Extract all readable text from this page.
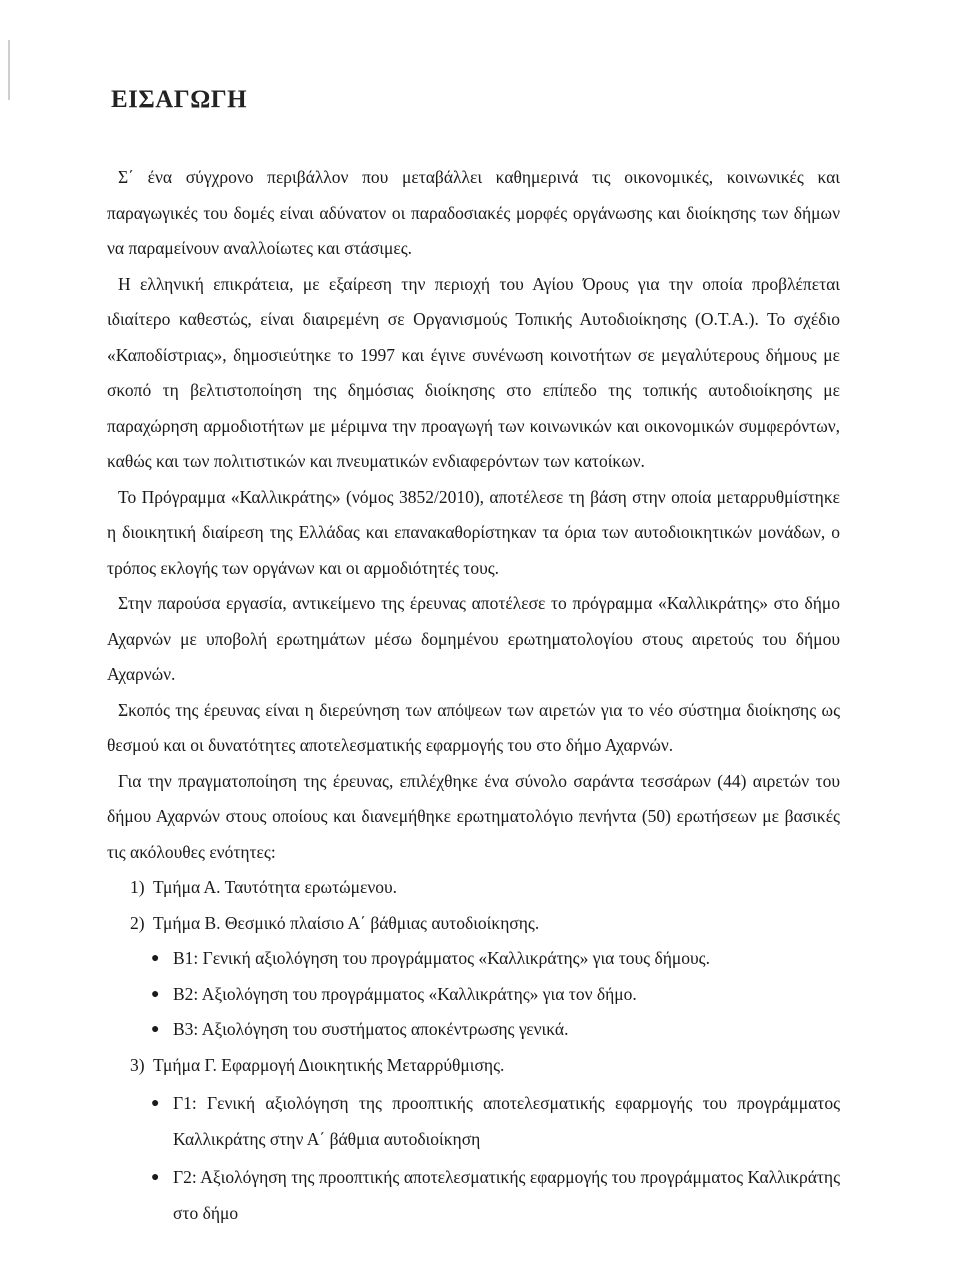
ΕΙΣΑΓΩΓΗ

Σ΄ ένα σύγχρονο περιβάλλον που μεταβάλλει καθημερινά τις οικονομικές, κοινωνικές και παραγωγικές του δομές είναι αδύνατον οι παραδοσιακές μορφές οργάνωσης και διοίκησης των δήμων να παραμείνουν αναλλοίωτες και στάσιμες.

Η ελληνική επικράτεια, με εξαίρεση την περιοχή του Αγίου Όρους για την οποία προβλέπεται ιδιαίτερο καθεστώς, είναι διαιρεμένη σε Οργανισμούς Τοπικής Αυτοδιοίκησης (Ο.Τ.Α.). Το σχέδιο «Καποδίστριας», δημοσιεύτηκε το 1997 και έγινε συνένωση κοινοτήτων σε μεγαλύτερους δήμους με σκοπό τη βελτιστοποίηση της δημόσιας διοίκησης στο επίπεδο της τοπικής αυτοδιοίκησης με παραχώρηση αρμοδιοτήτων με μέριμνα την προαγωγή των κοινωνικών και οικονομικών συμφερόντων, καθώς και των πολιτιστικών και πνευματικών ενδιαφερόντων των κατοίκων.

Το Πρόγραμμα «Καλλικράτης» (νόμος 3852/2010), αποτέλεσε τη βάση στην οποία μεταρρυθμίστηκε η διοικητική διαίρεση της Ελλάδας και επανακαθορίστηκαν τα όρια των αυτοδιοικητικών μονάδων, ο τρόπος εκλογής των οργάνων και οι αρμοδιότητές τους.

Στην παρούσα εργασία, αντικείμενο της έρευνας αποτέλεσε το πρόγραμμα «Καλλικράτης» στο δήμο Αχαρνών με υποβολή ερωτημάτων μέσω δομημένου ερωτηματολογίου στους αιρετούς του δήμου Αχαρνών.

Σκοπός της έρευνας είναι η διερεύνηση των απόψεων των αιρετών για το νέο σύστημα διοίκησης ως θεσμού και οι δυνατότητες αποτελεσματικής εφαρμογής του στο δήμο Αχαρνών.

Για την πραγματοποίηση της έρευνας, επιλέχθηκε ένα σύνολο σαράντα τεσσάρων (44) αιρετών του δήμου Αχαρνών στους οποίους και διανεμήθηκε ερωτηματολόγιο πενήντα (50) ερωτήσεων με βασικές τις ακόλουθες ενότητες:

1) Τμήμα Α. Ταυτότητα ερωτώμενου.
2) Τμήμα Β. Θεσμικό πλαίσιο Α΄ βάθμιας αυτοδιοίκησης.
● Β1: Γενική αξιολόγηση του προγράμματος «Καλλικράτης» για τους δήμους.
● Β2: Αξιολόγηση του προγράμματος «Καλλικράτης» για τον δήμο.
● Β3: Αξιολόγηση του συστήματος αποκέντρωσης γενικά.
3) Τμήμα Γ. Εφαρμογή Διοικητικής Μεταρρύθμισης.
● Γ1: Γενική αξιολόγηση της προοπτικής αποτελεσματικής εφαρμογής του προγράμματος Καλλικράτης στην Α΄ βάθμια αυτοδιοίκηση
● Γ2: Αξιολόγηση της προοπτικής αποτελεσματικής εφαρμογής του προγράμματος Καλλικράτης στο δήμο
